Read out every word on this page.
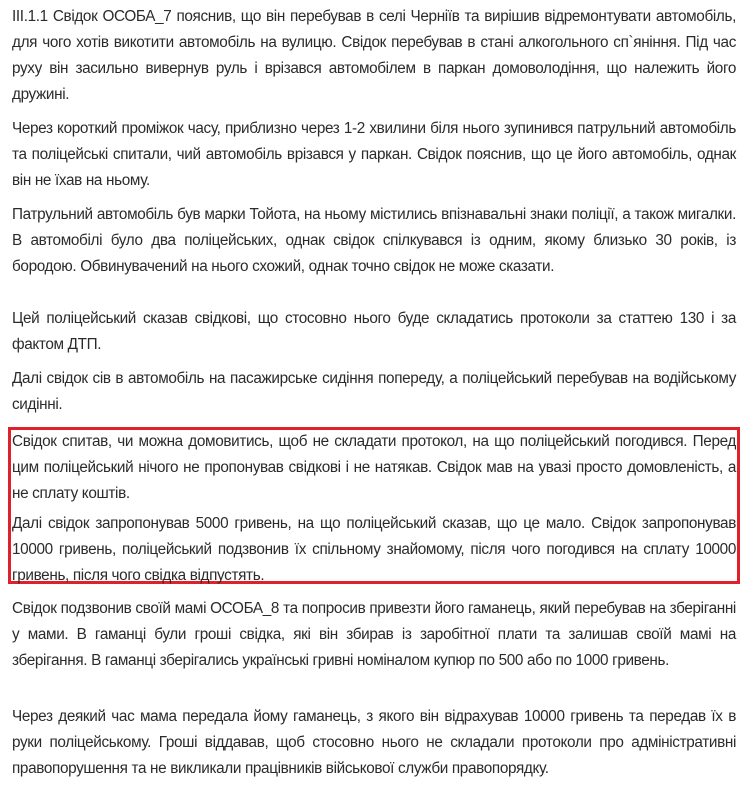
ІІІ.1.1 Свідок ОСОБА_7 пояснив, що він перебував в селі Черніїв та вирішив відремонтувати автомобіль, для чого хотів викотити автомобіль на вулицю. Свідок перебував в стані алкогольного сп`яніння. Під час руху він засильно вивернув руль і врізався автомобілем в паркан домоволодіння, що належить його дружині.

Через короткий проміжок часу, приблизно через 1-2 хвилини біля нього зупинився патрульний автомобіль та поліцейські спитали, чий автомобіль врізався у паркан. Свідок пояснив, що це його автомобіль, однак він не їхав на ньому.

Патрульний автомобіль був марки Тойота, на ньому містились впізнавальні знаки поліції, а також мигалки. В автомобілі було два поліцейських, однак свідок спілкувався із одним, якому близько 30 років, із бородою. Обвинувачений на нього схожий, однак точно свідок не може сказати.

Цей поліцейський сказав свідкові, що стосовно нього буде складатись протоколи за статтею 130 і за фактом ДТП.

Далі свідок сів в автомобіль на пасажирське сидіння попереду, а поліцейський перебував на водійському сидінні.

Свідок спитав, чи можна домовитись, щоб не складати протокол, на що поліцейський погодився. Перед цим поліцейський нічого не пропонував свідкові і не натякав. Свідок мав на увазі просто домовленість, а не сплату коштів.

Далі свідок запропонував 5000 гривень, на що поліцейський сказав, що це мало. Свідок запропонував 10000 гривень, поліцейський подзвонив їх спільному знайомому, після чого погодився на сплату 10000 гривень, після чого свідка відпустять.

Свідок подзвонив своїй мамі ОСОБА_8 та попросив привезти його гаманець, який перебував на зберіганні у мами. В гаманці були гроші свідка, які він збирав із заробітної плати та залишав своїй мамі на зберігання. В гаманці зберігались українські гривні номіналом купюр по 500 або по 1000 гривень.

Через деякий час мама передала йому гаманець, з якого він відрахував 10000 гривень та передав їх в руки поліцейському. Гроші віддавав, щоб стосовно нього не складали протоколи про адміністративні правопорушення та не викликали працівників військової служби правопорядку.
